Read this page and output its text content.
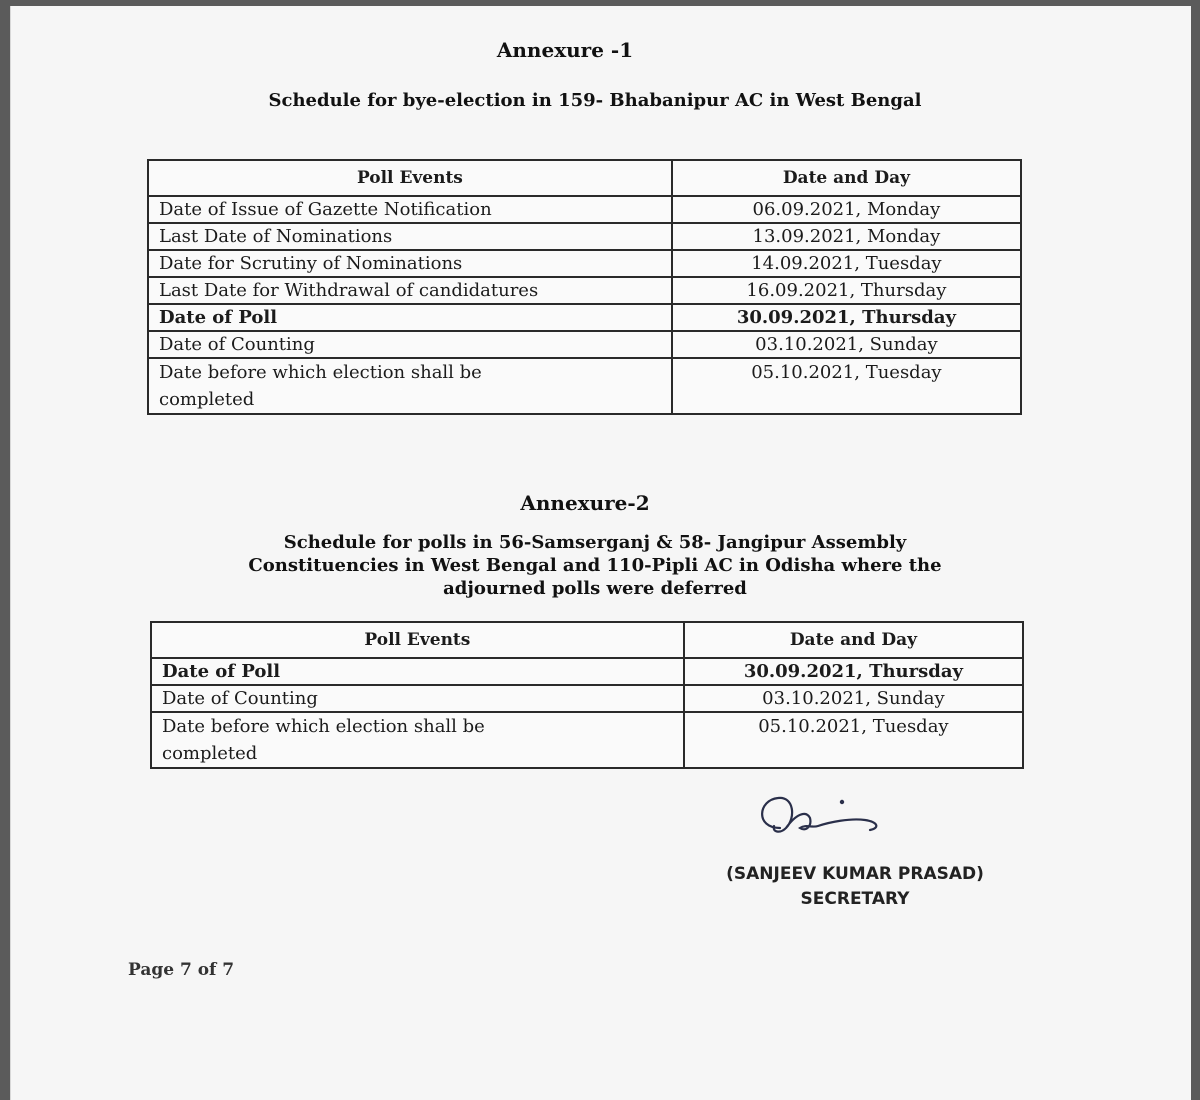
Annexure -1
Schedule for bye-election in 159- Bhabanipur AC in West Bengal
Poll Events	Date and Day
Date of Issue of Gazette Notification	06.09.2021, Monday
Last Date of Nominations	13.09.2021, Monday
Date for Scrutiny of Nominations	14.09.2021, Tuesday
Last Date for Withdrawal of candidatures	16.09.2021, Thursday
Date of Poll	30.09.2021, Thursday
Date of Counting	03.10.2021, Sunday
Date before which election shall be completed	05.10.2021, Tuesday
Annexure-2
Schedule for polls in 56-Samserganj & 58- Jangipur Assembly
Constituencies in West Bengal and 110-Pipli AC in Odisha where the
adjourned polls were deferred
Poll Events	Date and Day
Date of Poll	30.09.2021, Thursday
Date of Counting	03.10.2021, Sunday
Date before which election shall be completed	05.10.2021, Tuesday
(SANJEEV KUMAR PRASAD)
SECRETARY
Page 7 of 7
